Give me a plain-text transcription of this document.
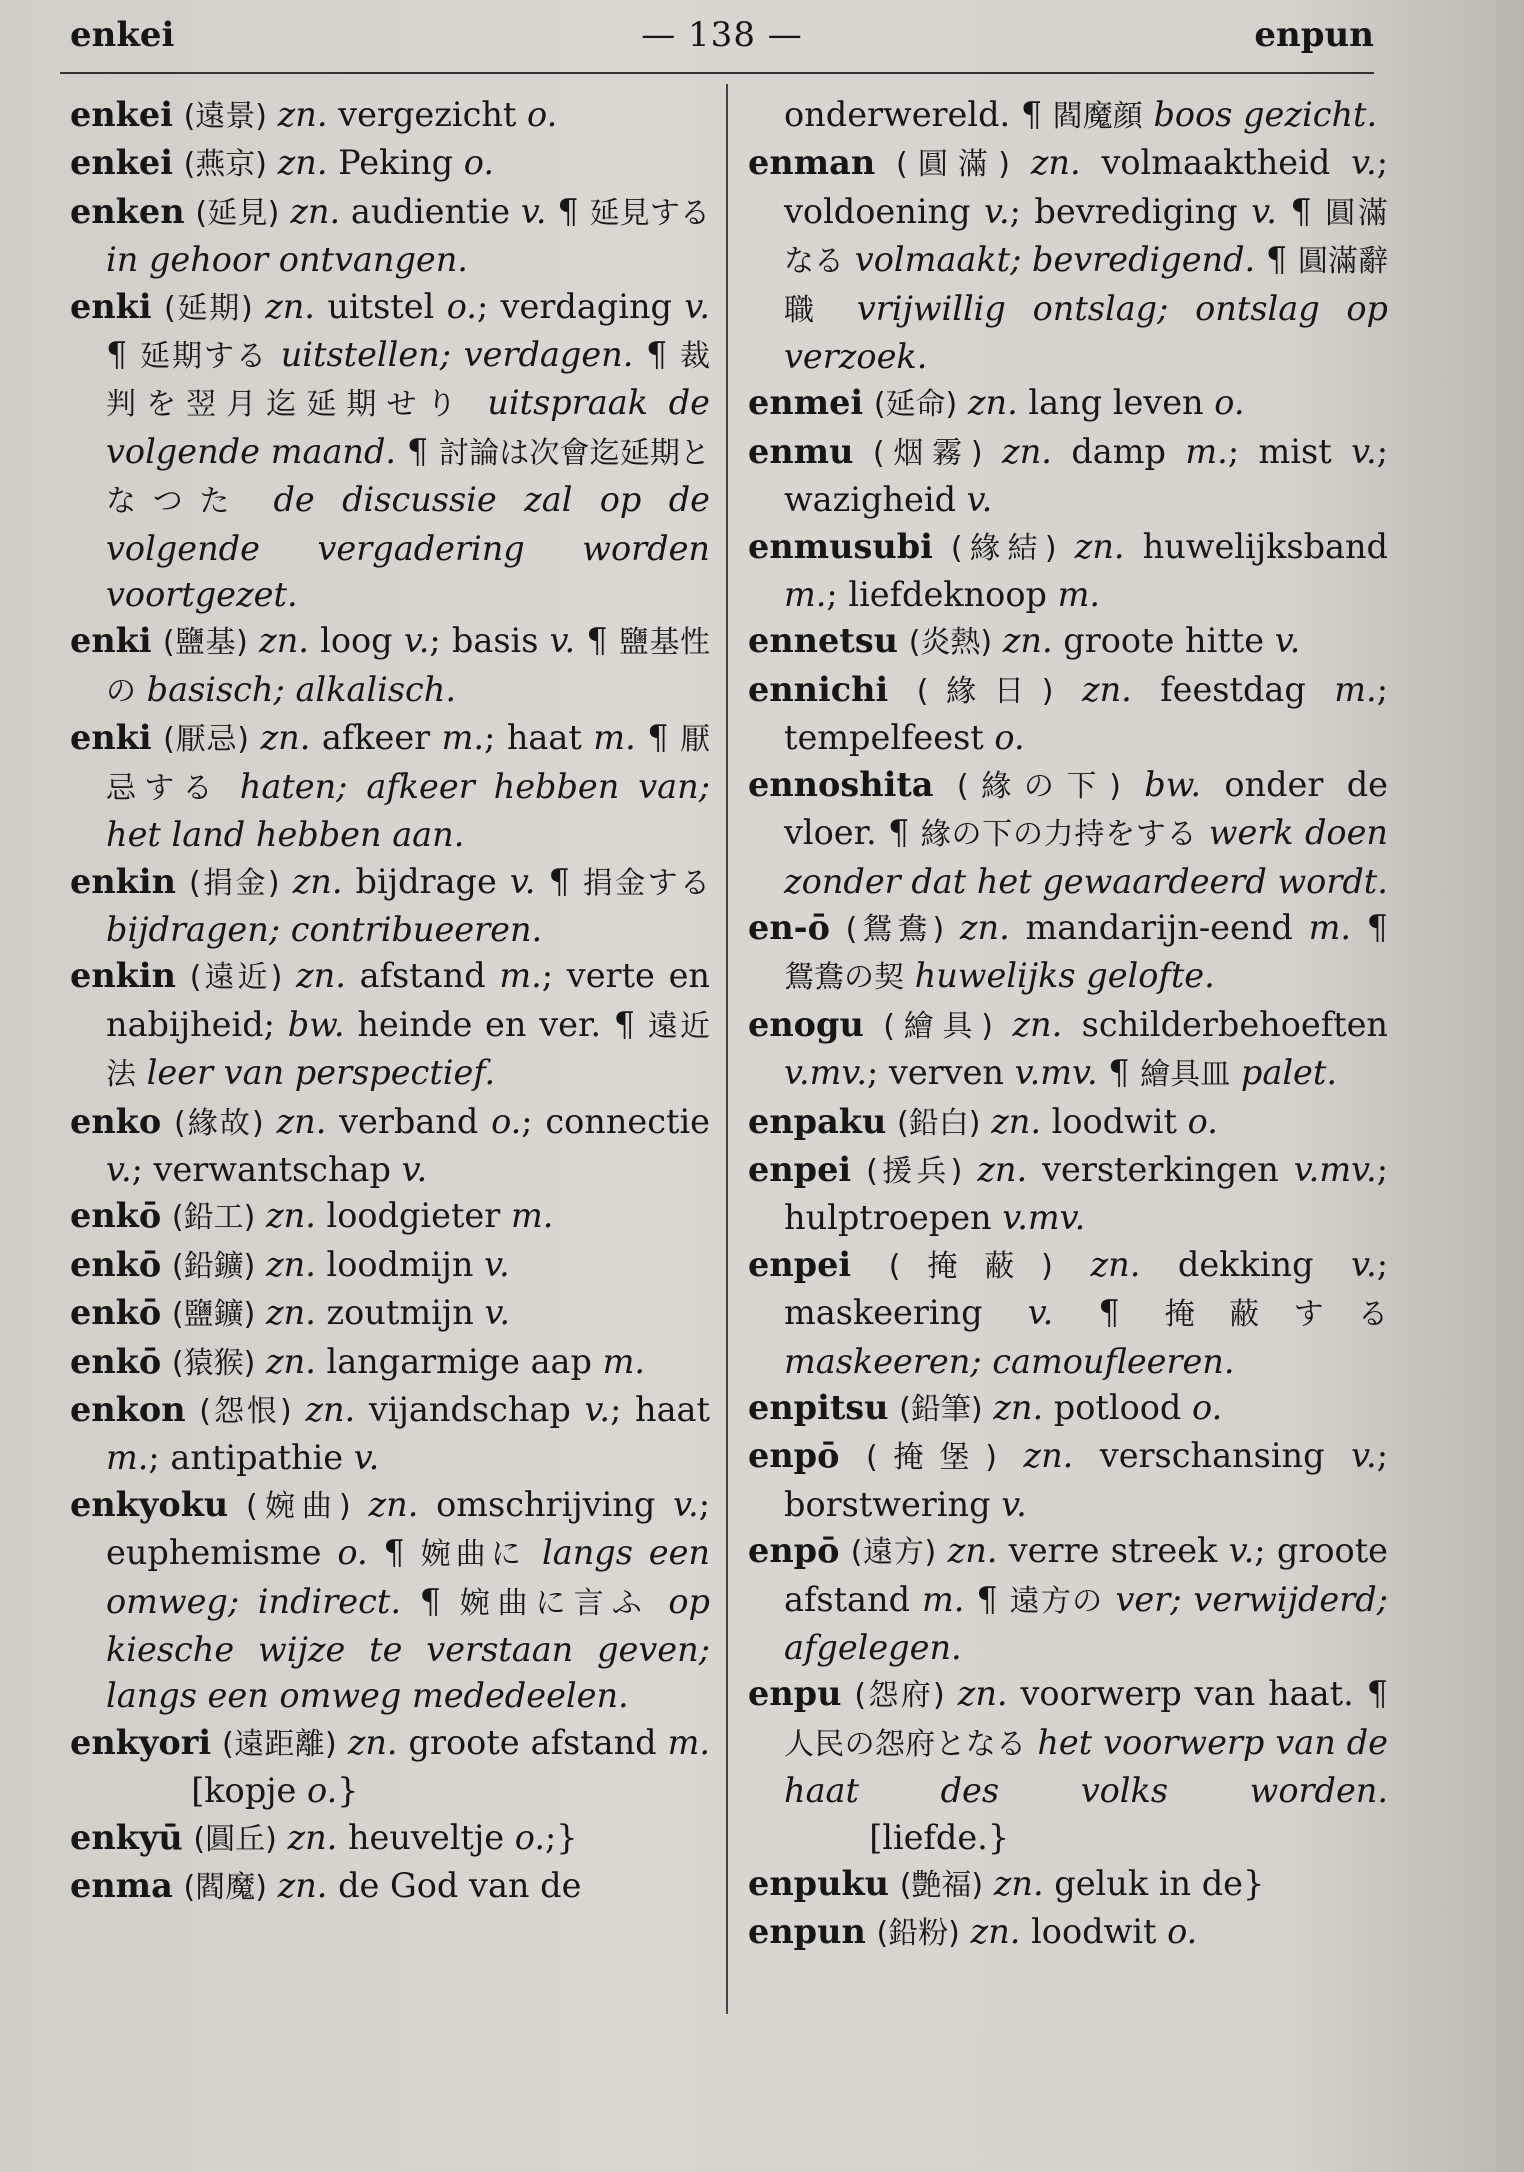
enkei	— 138 —	enpun
enkei (遠景) zn. vergezicht o.
enkei (燕京) zn. Peking o.
enken (延見) zn. audientie v. ¶ 延見する in gehoor ontvangen.
enki (延期) zn. uitstel o.; verdaging v. ¶ 延期する uitstellen; verdagen. ¶ 裁判を翌月迄延期せり uitspraak de volgende maand. ¶ 討論は次會迄延期となつた de discussie zal op de volgende vergadering worden voortgezet.
enki (鹽基) zn. loog v.; basis v. ¶ 鹽基性の basisch; alkalisch.
enki (厭忌) zn. afkeer m.; haat m. ¶ 厭忌する haten; afkeer hebben van; het land hebben aan.
enkin (捐金) zn. bijdrage v. ¶ 捐金する bijdragen; contribueeren.
enkin (遠近) zn. afstand m.; verte en nabijheid; bw. heinde en ver. ¶ 遠近法 leer van perspectief.
enko (緣故) zn. verband o.; connectie v.; verwantschap v.
enkō (鉛工) zn. loodgieter m.
enkō (鉛鑛) zn. loodmijn v.
enkō (鹽鑛) zn. zoutmijn v.
enkō (猿猴) zn. langarmige aap m.
enkon (怨恨) zn. vijandschap v.; haat m.; antipathie v.
enkyoku (婉曲) zn. omschrijving v.; euphemisme o. ¶ 婉曲に langs een omweg; indirect. ¶ 婉曲に言ふ op kiesche wijze te verstaan geven; langs een omweg mededeelen.
enkyori (遠距離) zn. groote afstand m.         [kopje o.}
enkyū (圓丘) zn. heuveltje o.;}
enma (閻魔) zn. de God van de
onderwereld. ¶ 閻魔顔 boos gezicht.
enman (圓滿) zn. volmaaktheid v.; voldoening v.; bevrediging v. ¶ 圓滿なる volmaakt; bevredigend. ¶ 圓滿辭職 vrijwillig ontslag; ontslag op verzoek.
enmei (延命) zn. lang leven o.
enmu (烟霧) zn. damp m.; mist v.; wazigheid v.
enmusubi (緣結) zn. huwelijksband m.; liefdeknoop m.
ennetsu (炎熱) zn. groote hitte v.
ennichi (緣日) zn. feestdag m.; tempelfeest o.
ennoshita (緣の下) bw. onder de vloer. ¶ 緣の下の力持をする werk doen zonder dat het gewaardeerd wordt.
en-ō (鴛鴦) zn. mandarijn-eend m. ¶ 鴛鴦の契 huwelijks gelofte.
enogu (繪具) zn. schilderbehoeften v.mv.; verven v.mv. ¶ 繪具皿 palet.
enpaku (鉛白) zn. loodwit o.
enpei (援兵) zn. versterkingen v.mv.; hulptroepen v.mv.
enpei (掩蔽) zn. dekking v.; maskeering v. ¶ 掩蔽する maskeeren; camoufleeren.
enpitsu (鉛筆) zn. potlood o.
enpō (掩堡) zn. verschansing v.; borstwering v.
enpō (遠方) zn. verre streek v.; groote afstand m. ¶ 遠方の ver; verwijderd; afgelegen.
enpu (怨府) zn. voorwerp van haat. ¶ 人民の怨府となる het voorwerp van de haat des volks worden.         [liefde.}
enpuku (艶福) zn. geluk in de}
enpun (鉛粉) zn. loodwit o.
